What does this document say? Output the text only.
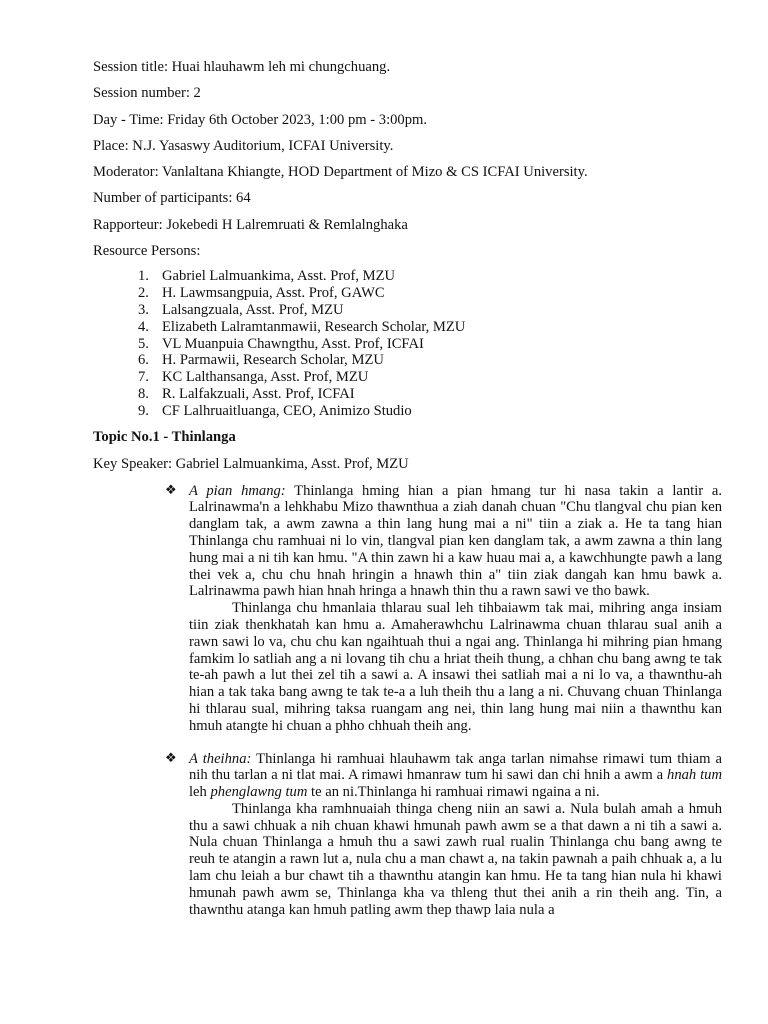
Session title: Huai hlauhawm leh mi chungchuang.

Session number: 2

Day - Time: Friday 6th October 2023, 1:00 pm - 3:00pm.

Place: N.J. Yasaswy Auditorium, ICFAI University.

Moderator: Vanlaltana Khiangte, HOD Department of Mizo & CS ICFAI University.

Number of participants: 64

Rapporteur: Jokebedi H Lalremruati & Remlalnghaka

Resource Persons:

1. Gabriel Lalmuankima, Asst. Prof, MZU
2. H. Lawmsangpuia, Asst. Prof, GAWC
3. Lalsangzuala, Asst. Prof, MZU
4. Elizabeth Lalramtanmawii, Research Scholar, MZU
5. VL Muanpuia Chawngthu, Asst. Prof, ICFAI
6. H. Parmawii, Research Scholar, MZU
7. KC Lalthansanga, Asst. Prof, MZU
8. R. Lalfakzuali, Asst. Prof, ICFAI
9. CF Lalhruaitluanga, CEO, Animizo Studio

Topic No.1 - Thinlanga

Key Speaker: Gabriel Lalmuankima, Asst. Prof, MZU

❖ A pian hmang: Thinlanga hming hian a pian hmang tur hi nasa takin a lantir a. Lalrinawma'n a lehkhabu Mizo thawnthua a ziah danah chuan "Chu tlangval chu pian ken danglam tak, a awm zawna a thin lang hung mai a ni" tiin a ziak a. He ta tang hian Thinlanga chu ramhuai ni lo vin, tlangval pian ken danglam tak, a awm zawna a thin lang hung mai a ni tih kan hmu. "A thin zawn hi a kaw huau mai a, a kawchhungte pawh a lang thei vek a, chu chu hnah hringin a hnawh thin a" tiin ziak dangah kan hmu bawk a. Lalrinawma pawh hian hnah hringa a hnawh thin thu a rawn sawi ve tho bawk.

Thinlanga chu hmanlaia thlarau sual leh tihbaiawm tak mai, mihring anga insiam tiin ziak thenkhatah kan hmu a. Amaherawhchu Lalrinawma chuan thlarau sual anih a rawn sawi lo va, chu chu kan ngaihtuah thui a ngai ang. Thinlanga hi mihring pian hmang famkim lo satliah ang a ni lovang tih chu a hriat theih thung, a chhan chu bang awng te tak te-ah pawh a lut thei zel tih a sawi a. A insawi thei satliah mai a ni lo va, a thawnthu-ah hian a tak taka bang awng te tak te-a a luh theih thu a lang a ni. Chuvang chuan Thinlanga hi thlarau sual, mihring taksa ruangam ang nei, thin lang hung mai niin a thawnthu kan hmuh atangte hi chuan a phho chhuah theih ang.

❖ A theihna: Thinlanga hi ramhuai hlauhawm tak anga tarlan nimahse rimawi tum thiam a nih thu tarlan a ni tlat mai. A rimawi hmanraw tum hi sawi dan chi hnih a awm a hnah tum leh phenglawng tum te an ni.Thinlanga hi ramhuai rimawi ngaina a ni.

Thinlanga kha ramhnuaiah thinga cheng niin an sawi a. Nula bulah amah a hmuh thu a sawi chhuak a nih chuan khawi hmunah pawh awm se a that dawn a ni tih a sawi a. Nula chuan Thinlanga a hmuh thu a sawi zawh rual rualin Thinlanga chu bang awng te reuh te atangin a rawn lut a, nula chu a man chawt a, na takin pawnah a paih chhuak a, a lu lam chu leiah a bur chawt tih a thawnthu atangin kan hmu. He ta tang hian nula hi khawi hmunah pawh awm se, Thinlanga kha va thleng thut thei anih a rin theih ang. Tin, a thawnthu atanga kan hmuh patling awm thep thawp laia nula a
